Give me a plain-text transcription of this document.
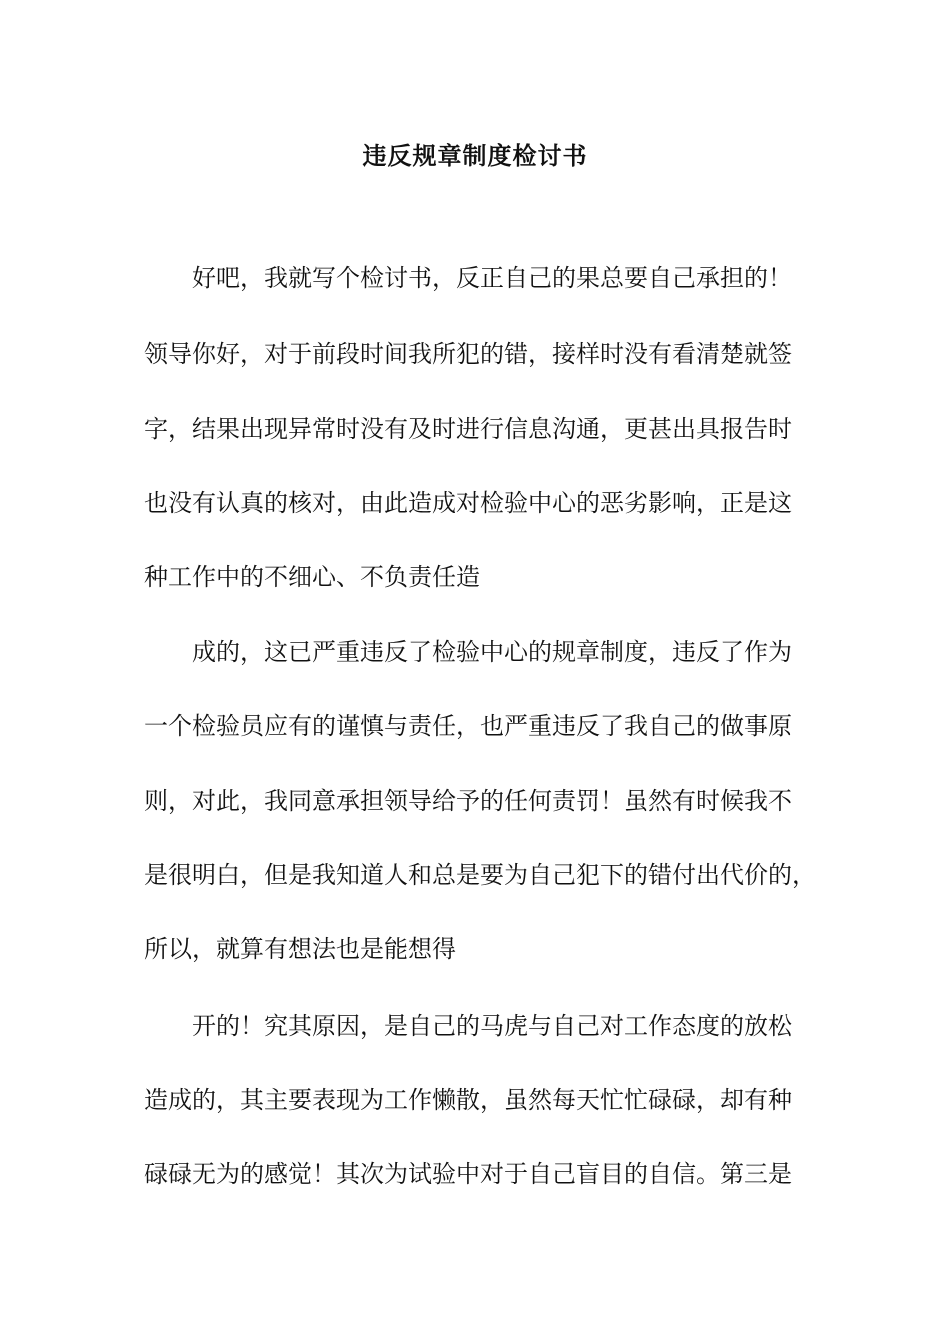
违反规章制度检讨书
好吧，我就写个检讨书，反正自己的果总要自己承担的！
领导你好，对于前段时间我所犯的错，接样时没有看清楚就签
字，结果出现异常时没有及时进行信息沟通，更甚出具报告时
也没有认真的核对，由此造成对检验中心的恶劣影响，正是这
种工作中的不细心、不负责任造
成的，这已严重违反了检验中心的规章制度，违反了作为
一个检验员应有的谨慎与责任，也严重违反了我自己的做事原
则，对此，我同意承担领导给予的任何责罚！虽然有时候我不
是很明白，但是我知道人和总是要为自己犯下的错付出代价的，
所以，就算有想法也是能想得
开的！究其原因，是自己的马虎与自己对工作态度的放松
造成的，其主要表现为工作懒散，虽然每天忙忙碌碌，却有种
碌碌无为的感觉！其次为试验中对于自己盲目的自信。第三是
